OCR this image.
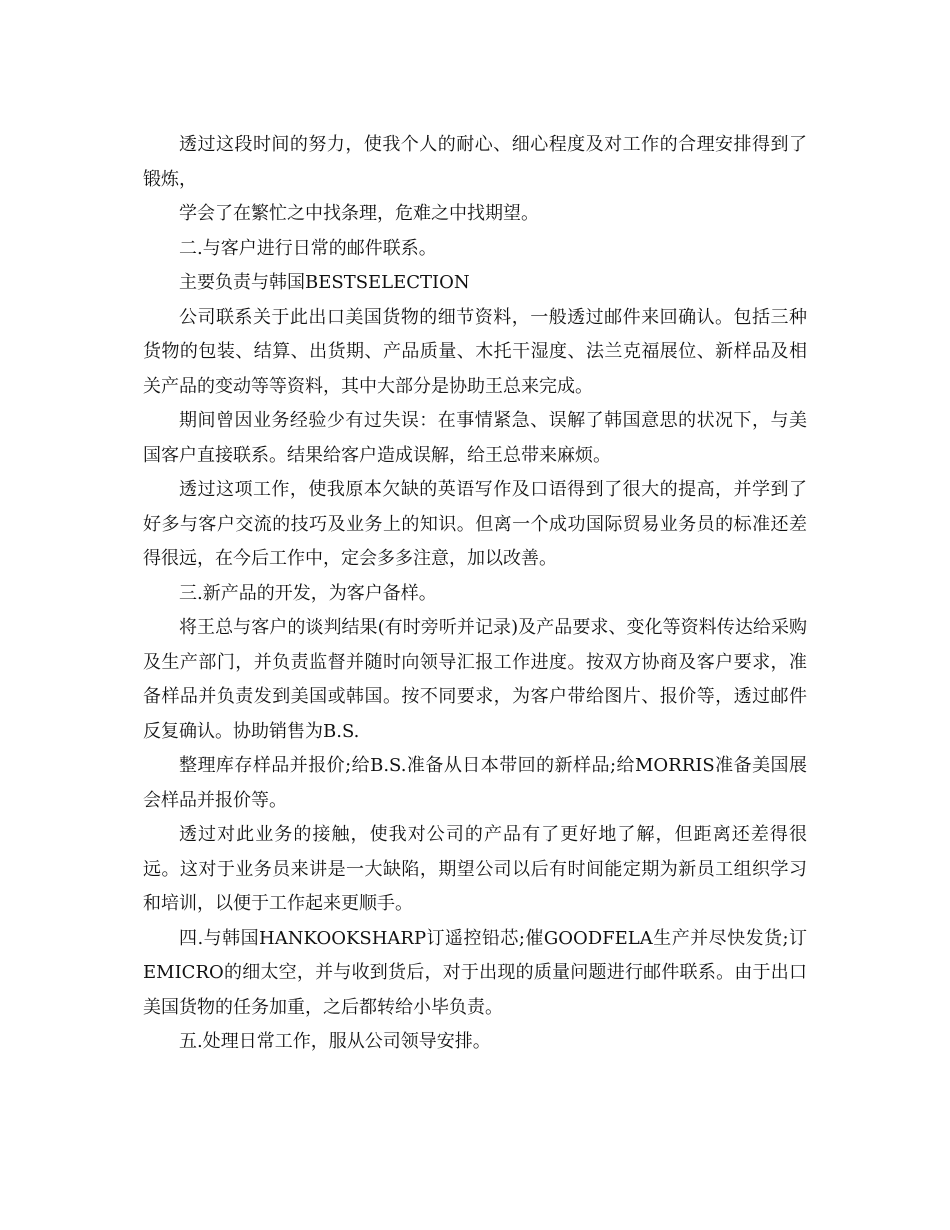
透过这段时间的努力，使我个人的耐心、细心程度及对工作的合理安排得到了锻炼，

学会了在繁忙之中找条理，危难之中找期望。

二.与客户进行日常的邮件联系。

主要负责与韩国BESTSELECTION

公司联系关于此出口美国货物的细节资料，一般透过邮件来回确认。包括三种货物的包装、结算、出货期、产品质量、木托干湿度、法兰克福展位、新样品及相关产品的变动等等资料，其中大部分是协助王总来完成。

期间曾因业务经验少有过失误：在事情紧急、误解了韩国意思的状况下，与美国客户直接联系。结果给客户造成误解，给王总带来麻烦。

透过这项工作，使我原本欠缺的英语写作及口语得到了很大的提高，并学到了好多与客户交流的技巧及业务上的知识。但离一个成功国际贸易业务员的标准还差得很远，在今后工作中，定会多多注意，加以改善。

三.新产品的开发，为客户备样。

将王总与客户的谈判结果(有时旁听并记录)及产品要求、变化等资料传达给采购及生产部门，并负责监督并随时向领导汇报工作进度。按双方协商及客户要求，准备样品并负责发到美国或韩国。按不同要求，为客户带给图片、报价等，透过邮件反复确认。协助销售为B.S.

整理库存样品并报价;给B.S.准备从日本带回的新样品;给MORRIS准备美国展会样品并报价等。

透过对此业务的接触，使我对公司的产品有了更好地了解，但距离还差得很远。这对于业务员来讲是一大缺陷，期望公司以后有时间能定期为新员工组织学习和培训，以便于工作起来更顺手。

四.与韩国HANKOOKSHARP订遥控铅芯;催GOODFELA生产并尽快发货;订EMICRO的细太空，并与收到货后，对于出现的质量问题进行邮件联系。由于出口美国货物的任务加重，之后都转给小毕负责。

五.处理日常工作，服从公司领导安排。
